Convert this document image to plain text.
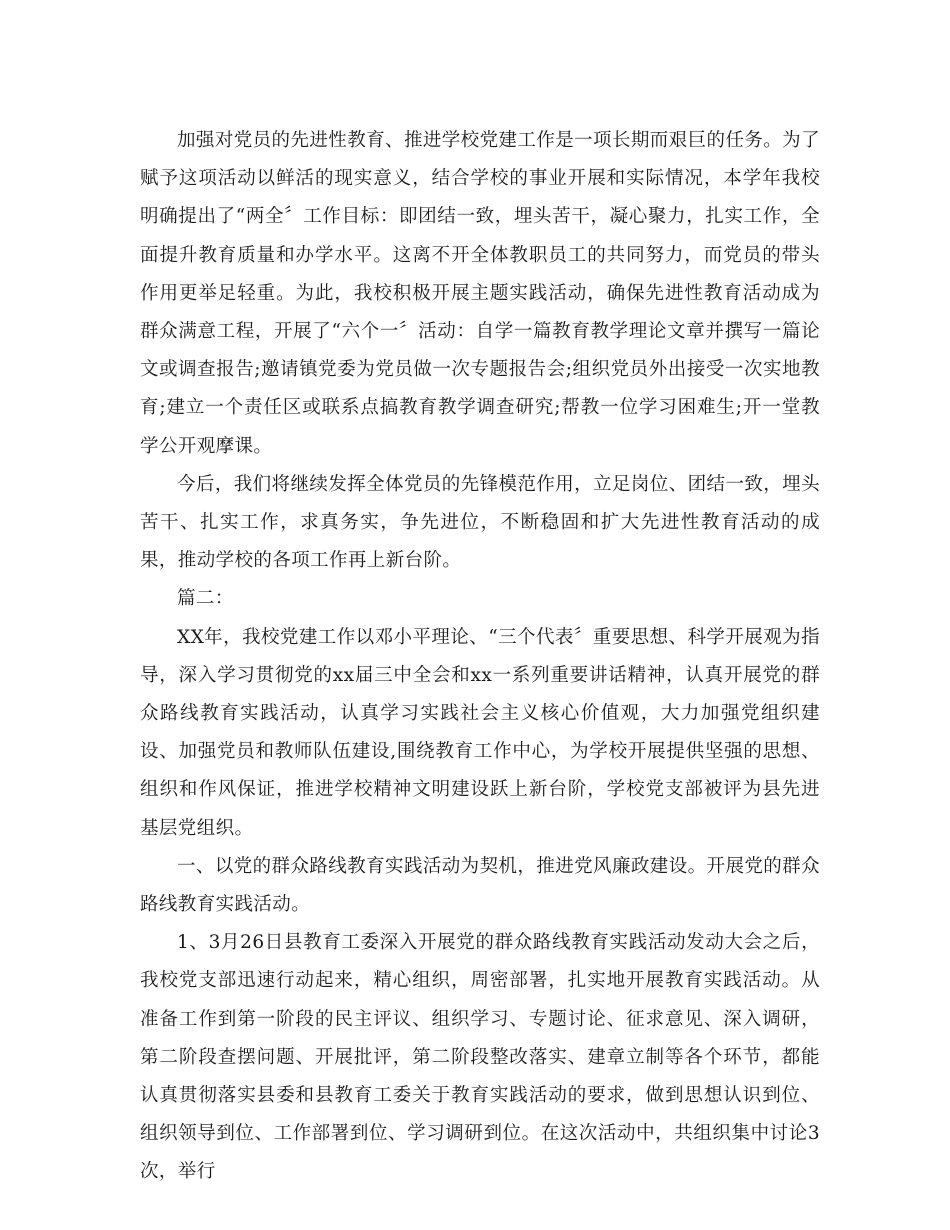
加强对党员的先进性教育、推进学校党建工作是一项长期而艰巨的任务。为了赋予这项活动以鲜活的现实意义，结合学校的事业开展和实际情况，本学年我校明确提出了“两全〞工作目标：即团结一致，埋头苦干，凝心聚力，扎实工作，全面提升教育质量和办学水平。这离不开全体教职员工的共同努力，而党员的带头作用更举足轻重。为此，我校积极开展主题实践活动，确保先进性教育活动成为群众满意工程，开展了“六个一〞活动：自学一篇教育教学理论文章并撰写一篇论文或调查报告;邀请镇党委为党员做一次专题报告会;组织党员外出接受一次实地教育;建立一个责任区或联系点搞教育教学调查研究;帮教一位学习困难生;开一堂教学公开观摩课。

今后，我们将继续发挥全体党员的先锋模范作用，立足岗位、团结一致，埋头苦干、扎实工作，求真务实，争先进位，不断稳固和扩大先进性教育活动的成果，推动学校的各项工作再上新台阶。

篇二：

XX年，我校党建工作以邓小平理论、“三个代表〞重要思想、科学开展观为指导，深入学习贯彻党的xx届三中全会和xx一系列重要讲话精神，认真开展党的群众路线教育实践活动，认真学习实践社会主义核心价值观，大力加强党组织建设、加强党员和教师队伍建设,围绕教育工作中心，为学校开展提供坚强的思想、组织和作风保证，推进学校精神文明建设跃上新台阶，学校党支部被评为县先进基层党组织。

一、以党的群众路线教育实践活动为契机，推进党风廉政建设。开展党的群众路线教育实践活动。

1、3月26日县教育工委深入开展党的群众路线教育实践活动发动大会之后，我校党支部迅速行动起来，精心组织，周密部署，扎实地开展教育实践活动。从准备工作到第一阶段的民主评议、组织学习、专题讨论、征求意见、深入调研，第二阶段查摆问题、开展批评，第二阶段整改落实、建章立制等各个环节，都能认真贯彻落实县委和县教育工委关于教育实践活动的要求，做到思想认识到位、组织领导到位、工作部署到位、学习调研到位。在这次活动中，共组织集中讨论3次，举行
